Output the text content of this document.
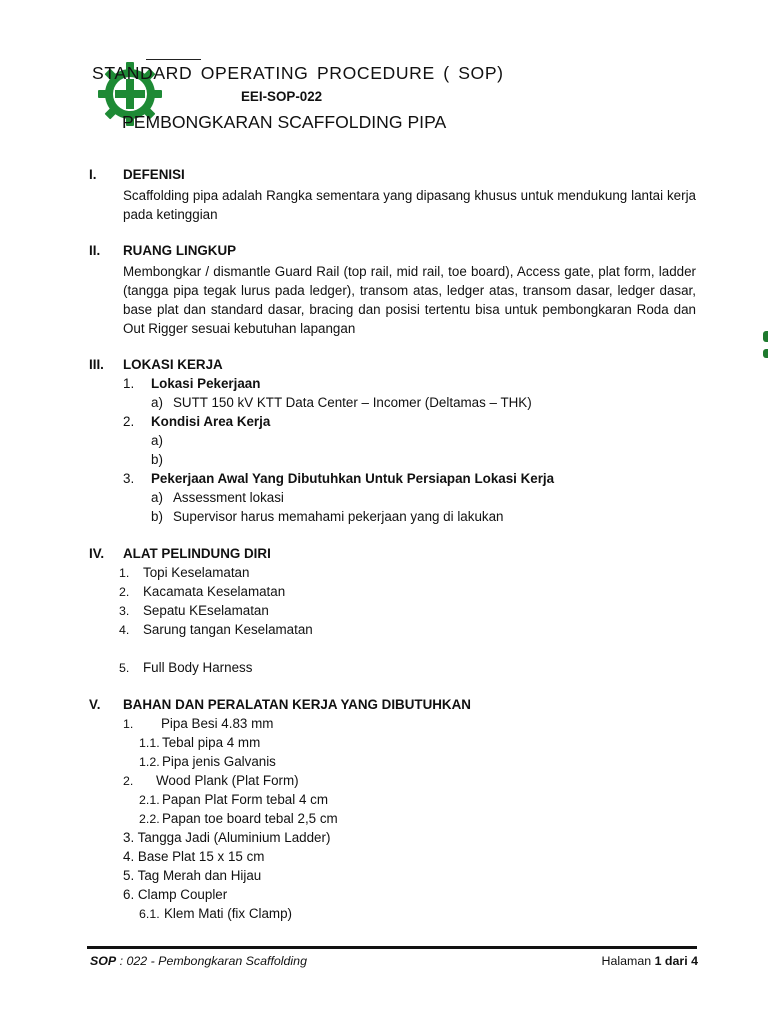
STANDARD OPERATING PROCEDURE ( SOP)
EEI-SOP-022
PEMBONGKARAN SCAFFOLDING PIPA
I. DEFENISI
Scaffolding pipa adalah Rangka sementara yang dipasang khusus untuk mendukung lantai kerja pada ketinggian
II. RUANG LINGKUP
Membongkar / dismantle Guard Rail (top rail, mid rail, toe board), Access gate, plat form, ladder (tangga pipa tegak lurus pada ledger), transom atas, ledger atas, transom dasar, ledger dasar, base plat dan standard dasar, bracing dan posisi tertentu bisa untuk pembongkaran Roda dan Out Rigger sesuai kebutuhan lapangan
III. LOKASI KERJA
1. Lokasi Pekerjaan
a) SUTT 150 kV KTT Data Center – Incomer (Deltamas – THK)
2. Kondisi Area Kerja
a)
b)
3. Pekerjaan Awal Yang Dibutuhkan Untuk Persiapan Lokasi Kerja
a) Assessment lokasi
b) Supervisor harus memahami pekerjaan yang di lakukan
IV. ALAT PELINDUNG DIRI
1. Topi Keselamatan
2. Kacamata Keselamatan
3. Sepatu KEselamatan
4. Sarung tangan Keselamatan
5. Full Body Harness
V. BAHAN DAN PERALATAN KERJA YANG DIBUTUHKAN
1. Pipa Besi 4.83 mm
1.1. Tebal pipa 4 mm
1.2. Pipa jenis Galvanis
2. Wood Plank (Plat Form)
2.1. Papan Plat Form tebal 4 cm
2.2. Papan toe board tebal 2,5 cm
3. Tangga Jadi (Aluminium Ladder)
4. Base Plat 15 x 15 cm
5. Tag Merah dan Hijau
6. Clamp Coupler
6.1. Klem Mati (fix Clamp)
SOP : 022 - Pembongkaran Scaffolding	Halaman 1 dari 4
